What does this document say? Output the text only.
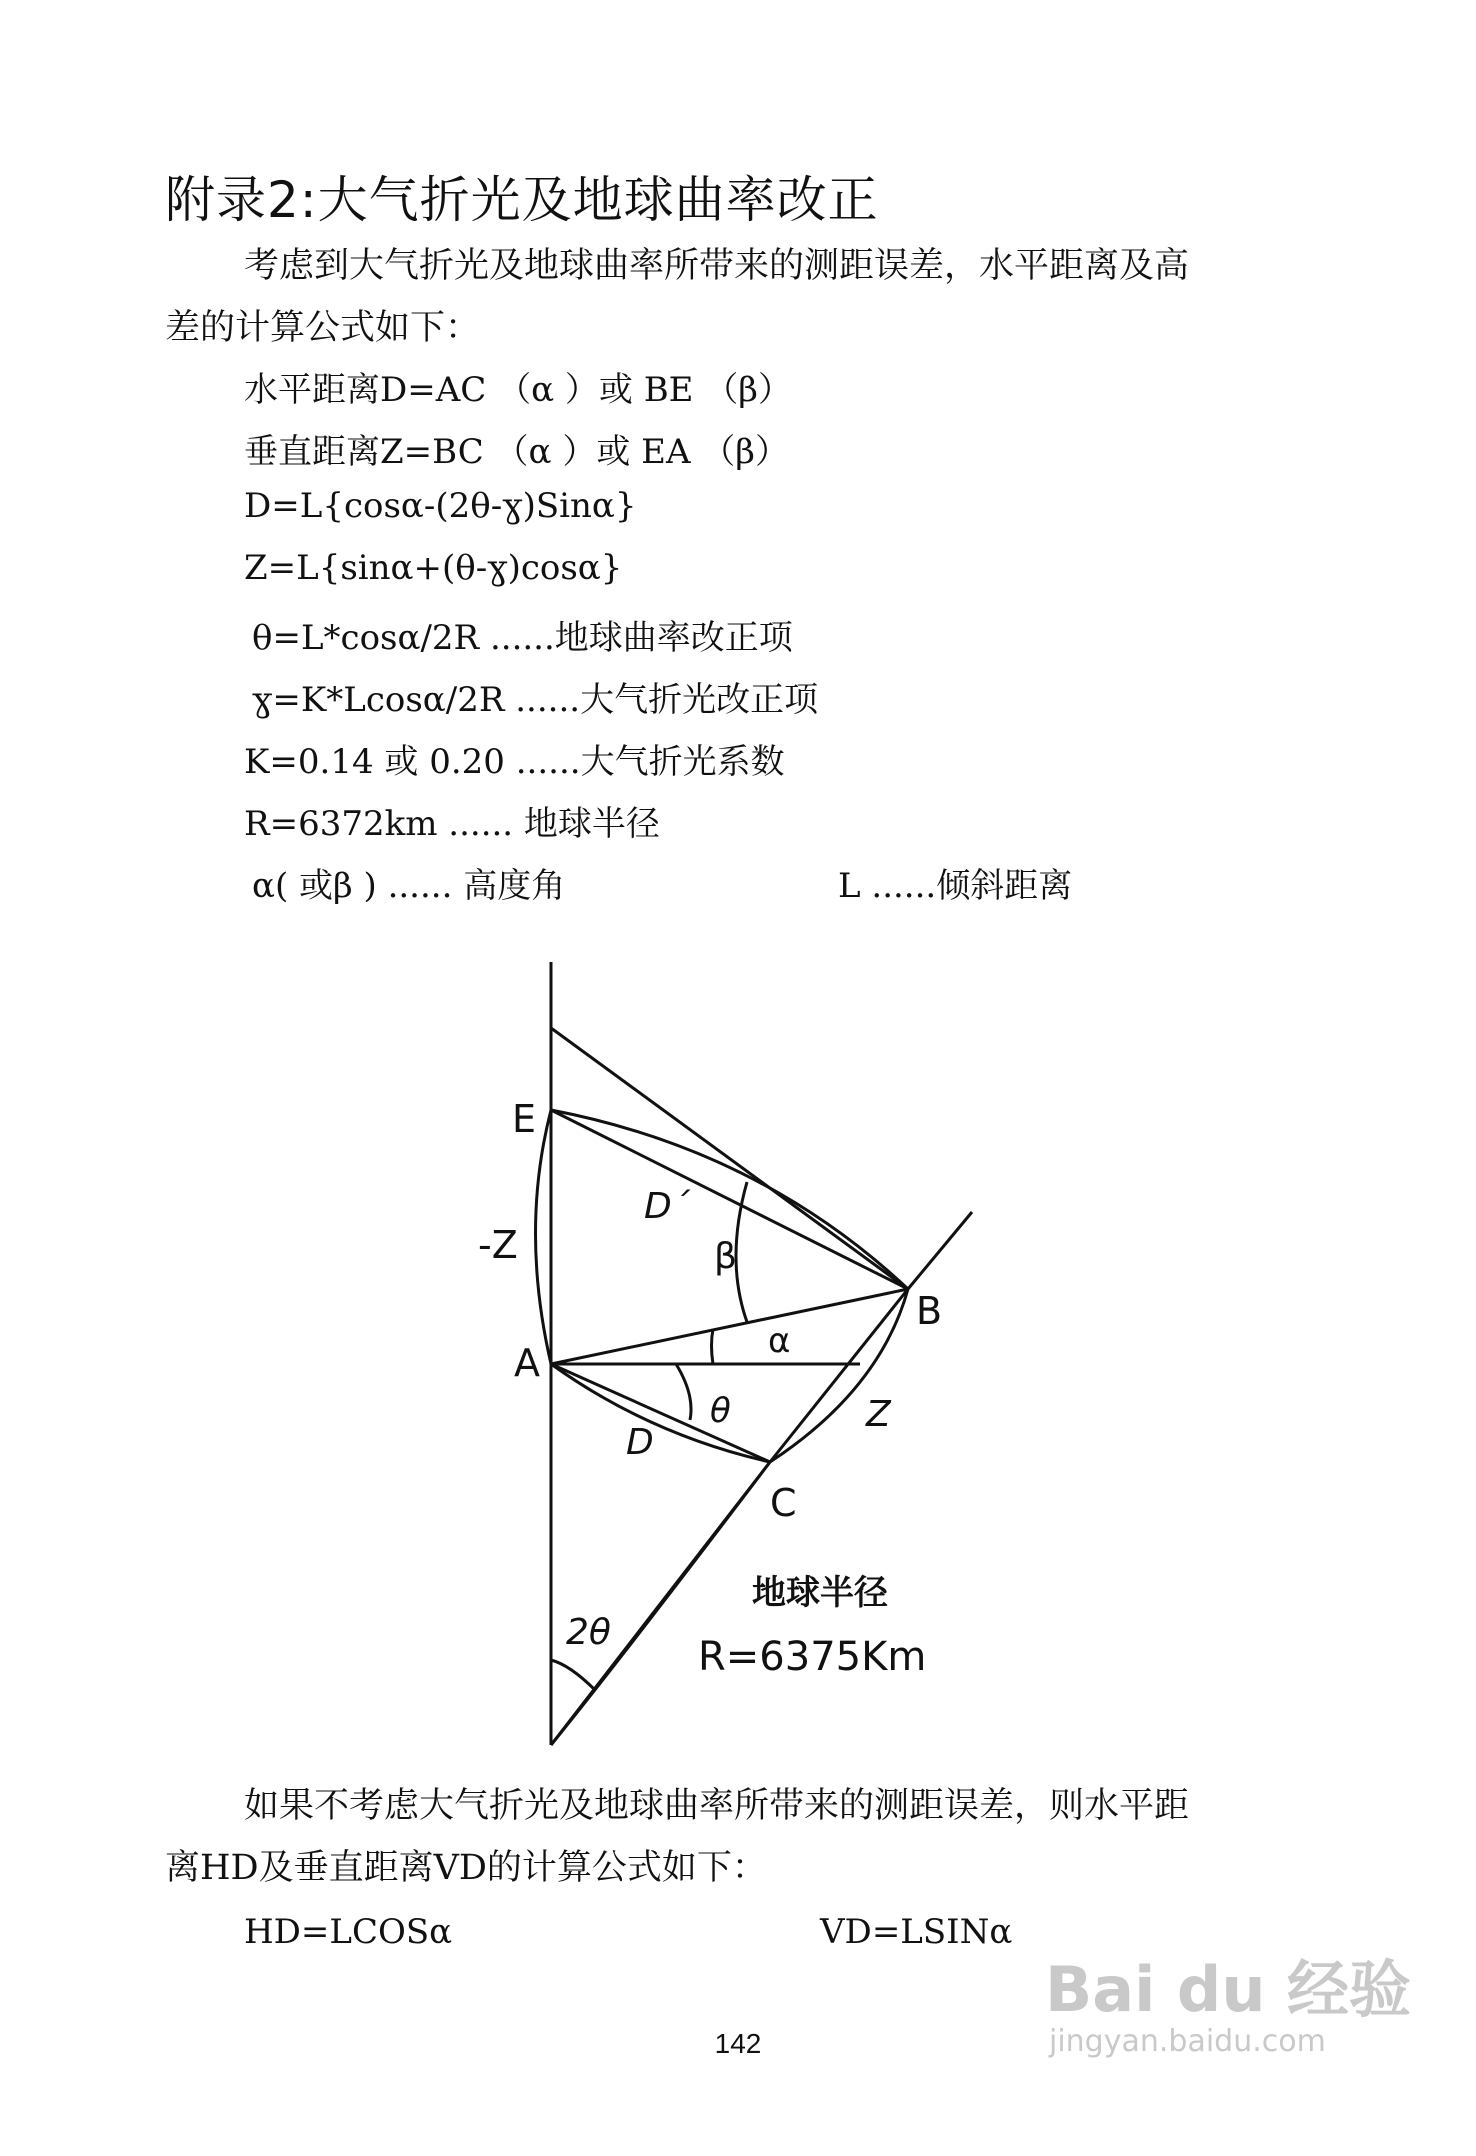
附录2:大气折光及地球曲率改正
考虑到大气折光及地球曲率所带来的测距误差，水平距离及高
差的计算公式如下：
水平距离D=AC （α ）或 BE （β）
垂直距离Z=BC （α ）或 EA （β）
D=L{cosα-(2θ-ɣ)Sinα}
Z=L{sinα+(θ-ɣ)cosα}
θ=L*cosα/2R ......地球曲率改正项
ɣ=K*Lcosα/2R ......大气折光改正项
K=0.14 或 0.20 ......大气折光系数
R=6372km ...... 地球半径
α( 或β ) ...... 高度角	L ......倾斜距离
E
A
B
C
-Z
D´
β
α
θ
D
Z
2θ
地球半径
R=6375Km
如果不考虑大气折光及地球曲率所带来的测距误差，则水平距
离HD及垂直距离VD的计算公式如下：
HD=LCOSα	VD=LSINα
142
Bai du 经验
jingyan.baidu.com
